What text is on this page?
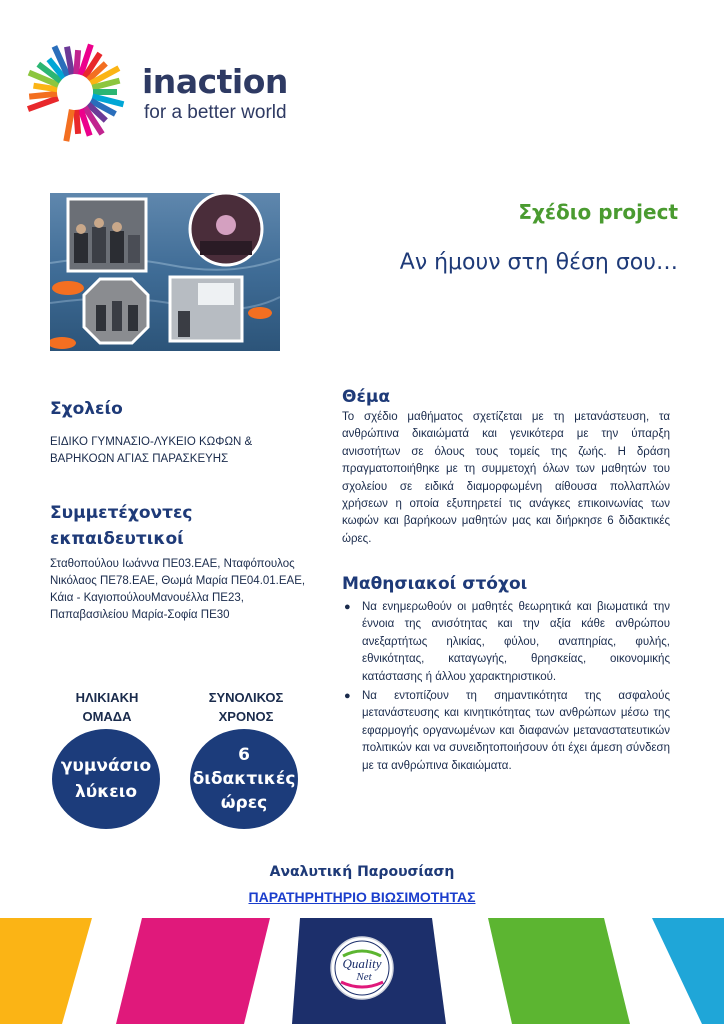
inaction
for a better world
Σχέδιο project
Αν ήμουν στη θέση σου…
Σχολείο
ΕΙΔΙΚΟ ΓΥΜΝΑΣΙΟ-ΛΥΚΕΙΟ ΚΩΦΩΝ & ΒΑΡΗΚΟΩΝ ΑΓΙΑΣ ΠΑΡΑΣΚΕΥΗΣ
Συμμετέχοντες εκπαιδευτικοί
Σταθοπούλου Ιωάννα ΠΕ03.ΕΑΕ, Νταφόπουλος Νικόλαος ΠΕ78.ΕΑΕ, Θωμά Μαρία ΠΕ04.01.ΕΑΕ, Κάια - ΚαγιοπούλουΜανουέλλα ΠΕ23, Παπαβασιλείου Μαρία-Σοφία ΠΕ30
ΗΛΙΚΙΑΚΗ
ΟΜΑΔΑ
ΣΥΝΟΛΙΚΟΣ
ΧΡΟΝΟΣ
γυμνάσιο
λύκειο
6
διδακτικές
ώρες
Θέμα
Το σχέδιο μαθήματος σχετίζεται με τη μετανάστευση, τα ανθρώπινα δικαιώματά και γενικότερα με την ύπαρξη ανισοτήτων σε όλους τους τομείς της ζωής. Η δράση πραγματοποιήθηκε με τη συμμετοχή όλων των μαθητών του σχολείου σε ειδικά διαμορφωμένη αίθουσα πολλαπλών χρήσεων η οποία εξυπηρετεί τις ανάγκες επικοινωνίας των κωφών και βαρήκοων μαθητών μας και διήρκησε 6 διδακτικές ώρες.
Μαθησιακοί στόχοι
● Να ενημερωθούν οι μαθητές θεωρητικά και βιωματικά την έννοια της ανισότητας και την αξία κάθε ανθρώπου ανεξαρτήτως ηλικίας, φύλου, αναπηρίας, φυλής, εθνικότητας, καταγωγής, θρησκείας, οικονομικής κατάστασης ή άλλου χαρακτηριστικού.
● Να εντοπίζουν τη σημαντικότητα της ασφαλούς μετανάστευσης και κινητικότητας των ανθρώπων μέσω της εφαρμογής οργανωμένων και διαφανών μεταναστατευτικών πολιτικών και να συνειδητοποιήσουν ότι έχει άμεση σύνδεση με τα ανθρώπινα δικαιώματα.
Αναλυτική Παρουσίαση
ΠΑΡΑΤΗΡΗΤΗΡΙΟ ΒΙΩΣΙΜΟΤΗΤΑΣ
Quality
Net
